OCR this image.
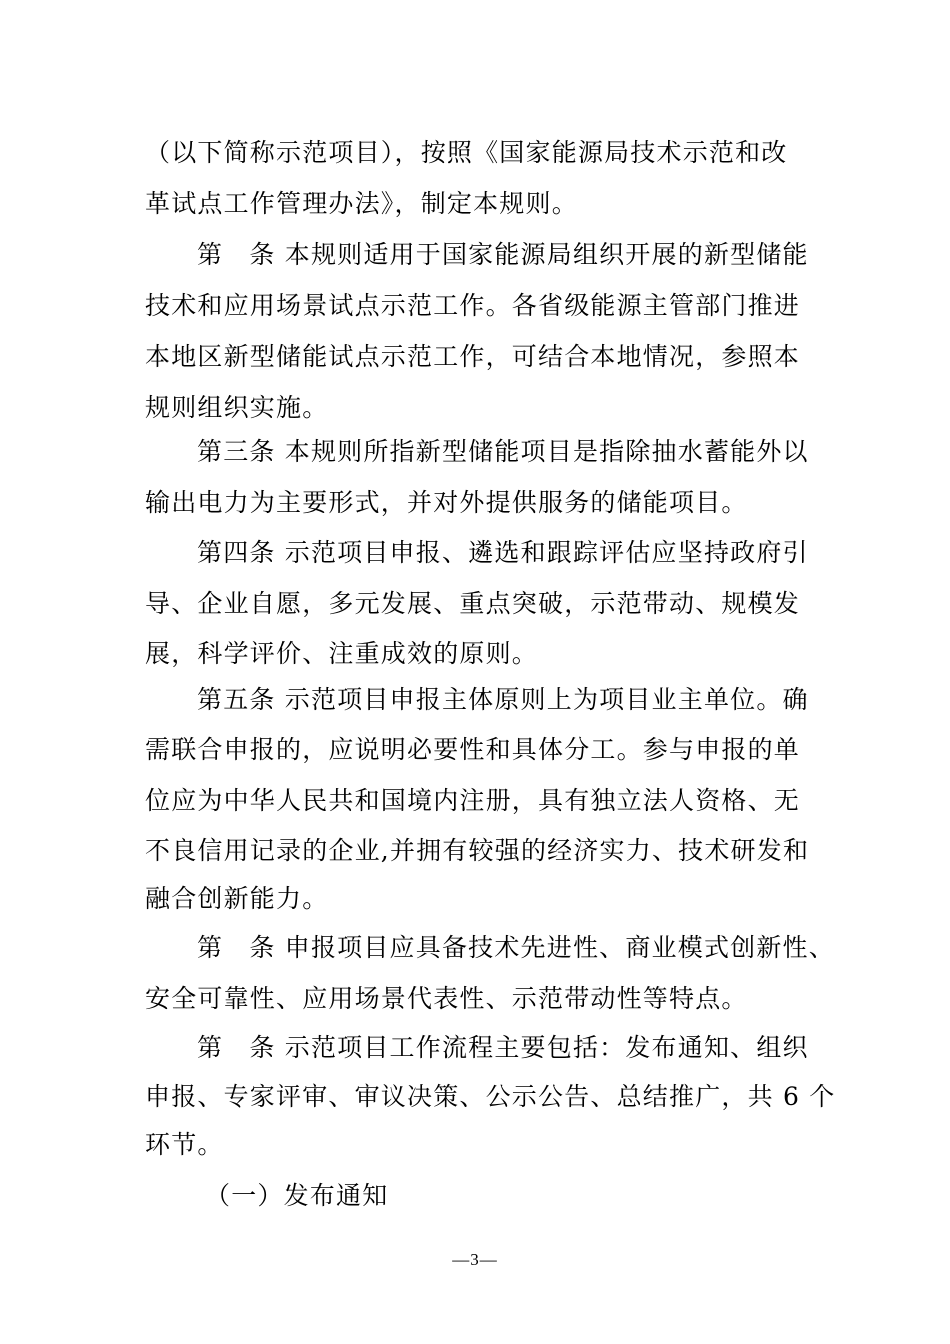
（以下简称示范项目），按照《国家能源局技术示范和改
革试点工作管理办法》，制定本规则。
第　条 本规则适用于国家能源局组织开展的新型储能
技术和应用场景试点示范工作。各省级能源主管部门推进
本地区新型储能试点示范工作，可结合本地情况，参照本
规则组织实施。
第三条 本规则所指新型储能项目是指除抽水蓄能外以
输出电力为主要形式，并对外提供服务的储能项目。
第四条 示范项目申报、遴选和跟踪评估应坚持政府引
导、企业自愿，多元发展、重点突破，示范带动、规模发
展，科学评价、注重成效的原则。
第五条 示范项目申报主体原则上为项目业主单位。确
需联合申报的，应说明必要性和具体分工。参与申报的单
位应为中华人民共和国境内注册，具有独立法人资格、无
不良信用记录的企业,并拥有较强的经济实力、技术研发和
融合创新能力。
第　条 申报项目应具备技术先进性、商业模式创新性、
安全可靠性、应用场景代表性、示范带动性等特点。
第　条 示范项目工作流程主要包括：发布通知、组织
申报、专家评审、审议决策、公示公告、总结推广，共 6 个
环节。
（一）发布通知
—3—
